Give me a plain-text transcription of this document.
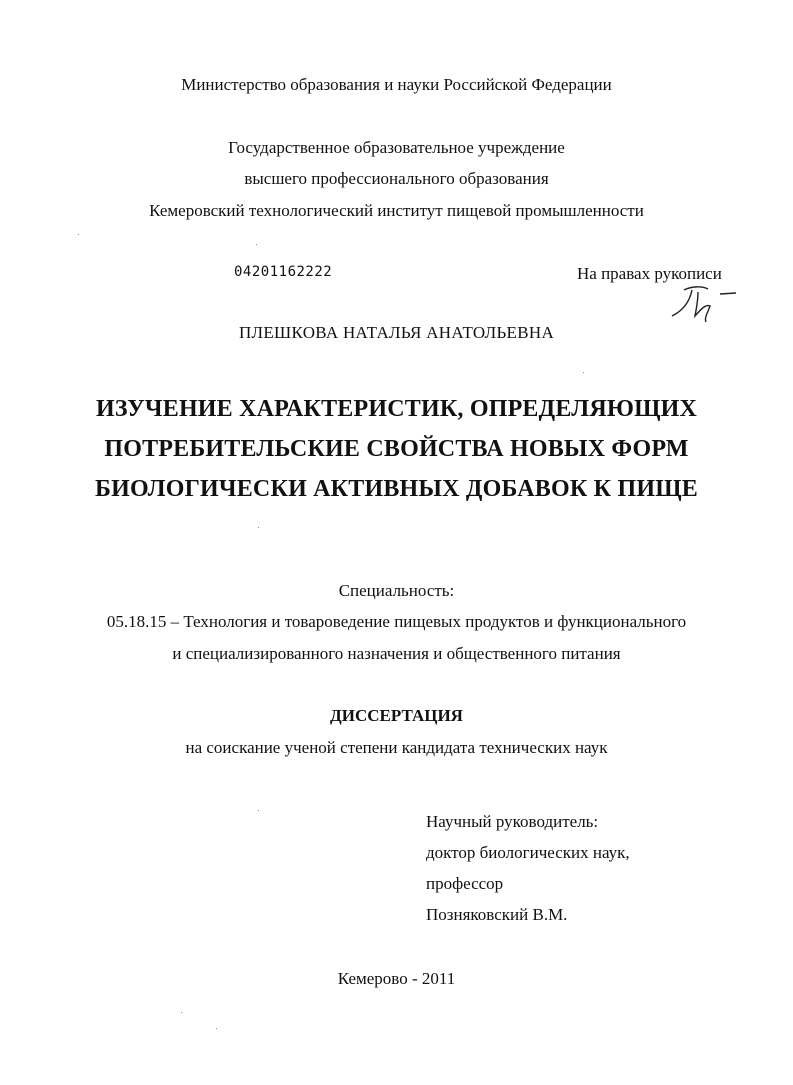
Министерство образования и науки Российской Федерации
Государственное образовательное учреждение
высшего профессионального образования
Кемеровский технологический институт пищевой промышленности
04201162222	На правах рукописи
ПЛЕШКОВА НАТАЛЬЯ АНАТОЛЬЕВНА
ИЗУЧЕНИЕ ХАРАКТЕРИСТИК, ОПРЕДЕЛЯЮЩИХ
ПОТРЕБИТЕЛЬСКИЕ СВОЙСТВА НОВЫХ ФОРМ
БИОЛОГИЧЕСКИ АКТИВНЫХ ДОБАВОК К ПИЩЕ
Специальность:
05.18.15 – Технология и товароведение пищевых продуктов и функционального
и специализированного назначения и общественного питания
ДИССЕРТАЦИЯ
на соискание ученой степени кандидата технических наук
Научный руководитель:
доктор биологических наук,
профессор
Позняковский В.М.
Кемерово - 2011
